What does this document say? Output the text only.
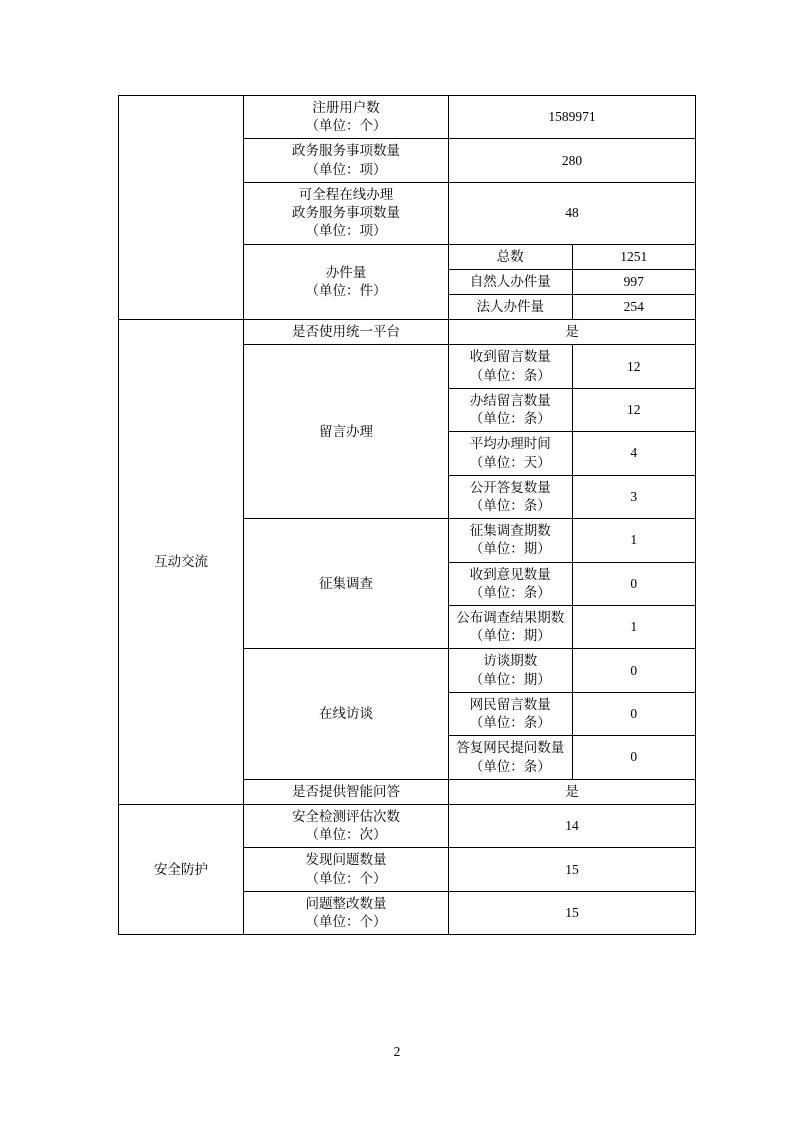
	注册用户数
（单位：个）	1589971	

	政务服务事项数量
（单位：项）	280	

	可全程在线办理
政务服务事项数量
（单位：项）	48	

	办件量
（单位：件）	总数	1251
		自然人办件量	997
		法人办件量	254
互动交流	是否使用统一平台	是	
	留言办理	收到留言数量
（单位：条）	12

		办结留言数量
（单位：条）	12

		平均办理时间
（单位：天）	4

		公开答复数量
（单位：条）	3
	征集调查	征集调查期数
（单位：期）	1

		收到意见数量
（单位：条）	0

		公布调查结果期数
（单位：期）	1
	在线访谈	访谈期数
（单位：期）	0

		网民留言数量
（单位：条）	0

		答复网民提问数量
（单位：条）	0
	是否提供智能问答	是	
安全防护	安全检测评估次数
（单位：次）	14	

	发现问题数量
（单位：个）	15	

	问题整改数量
（单位：个）	15	
2
